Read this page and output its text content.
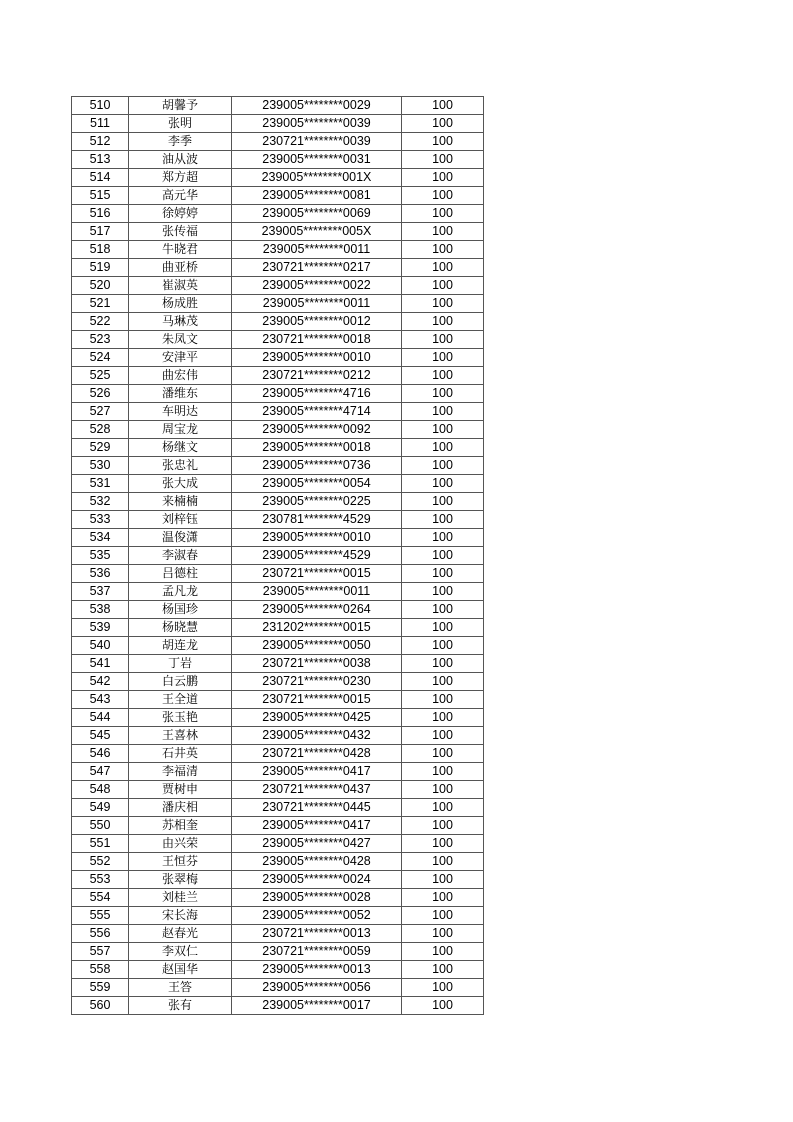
510	胡馨予	239005********0029	100
511	张明	239005********0039	100
512	李季	230721********0039	100
513	油从波	239005********0031	100
514	郑方超	239005********001X	100
515	高元华	239005********0081	100
516	徐婷婷	239005********0069	100
517	张传福	239005********005X	100
518	牛晓君	239005********0011	100
519	曲亚桥	230721********0217	100
520	崔淑英	239005********0022	100
521	杨成胜	239005********0011	100
522	马琳茂	239005********0012	100
523	朱凤文	230721********0018	100
524	安津平	239005********0010	100
525	曲宏伟	230721********0212	100
526	潘维东	239005********4716	100
527	车明达	239005********4714	100
528	周宝龙	239005********0092	100
529	杨继文	239005********0018	100
530	张忠礼	239005********0736	100
531	张大成	239005********0054	100
532	来楠楠	239005********0225	100
533	刘梓钰	230781********4529	100
534	温俊潇	239005********0010	100
535	李淑春	239005********4529	100
536	吕德柱	230721********0015	100
537	孟凡龙	239005********0011	100
538	杨国珍	239005********0264	100
539	杨晓慧	231202********0015	100
540	胡连龙	239005********0050	100
541	丁岩	230721********0038	100
542	白云鹏	230721********0230	100
543	王全道	230721********0015	100
544	张玉艳	239005********0425	100
545	王喜林	239005********0432	100
546	石井英	230721********0428	100
547	李福清	239005********0417	100
548	贾树申	230721********0437	100
549	潘庆相	230721********0445	100
550	苏相奎	239005********0417	100
551	由兴荣	239005********0427	100
552	王恒芬	239005********0428	100
553	张翠梅	239005********0024	100
554	刘桂兰	239005********0028	100
555	宋长海	239005********0052	100
556	赵春光	230721********0013	100
557	李双仁	230721********0059	100
558	赵国华	239005********0013	100
559	王答	239005********0056	100
560	张有	239005********0017	100
